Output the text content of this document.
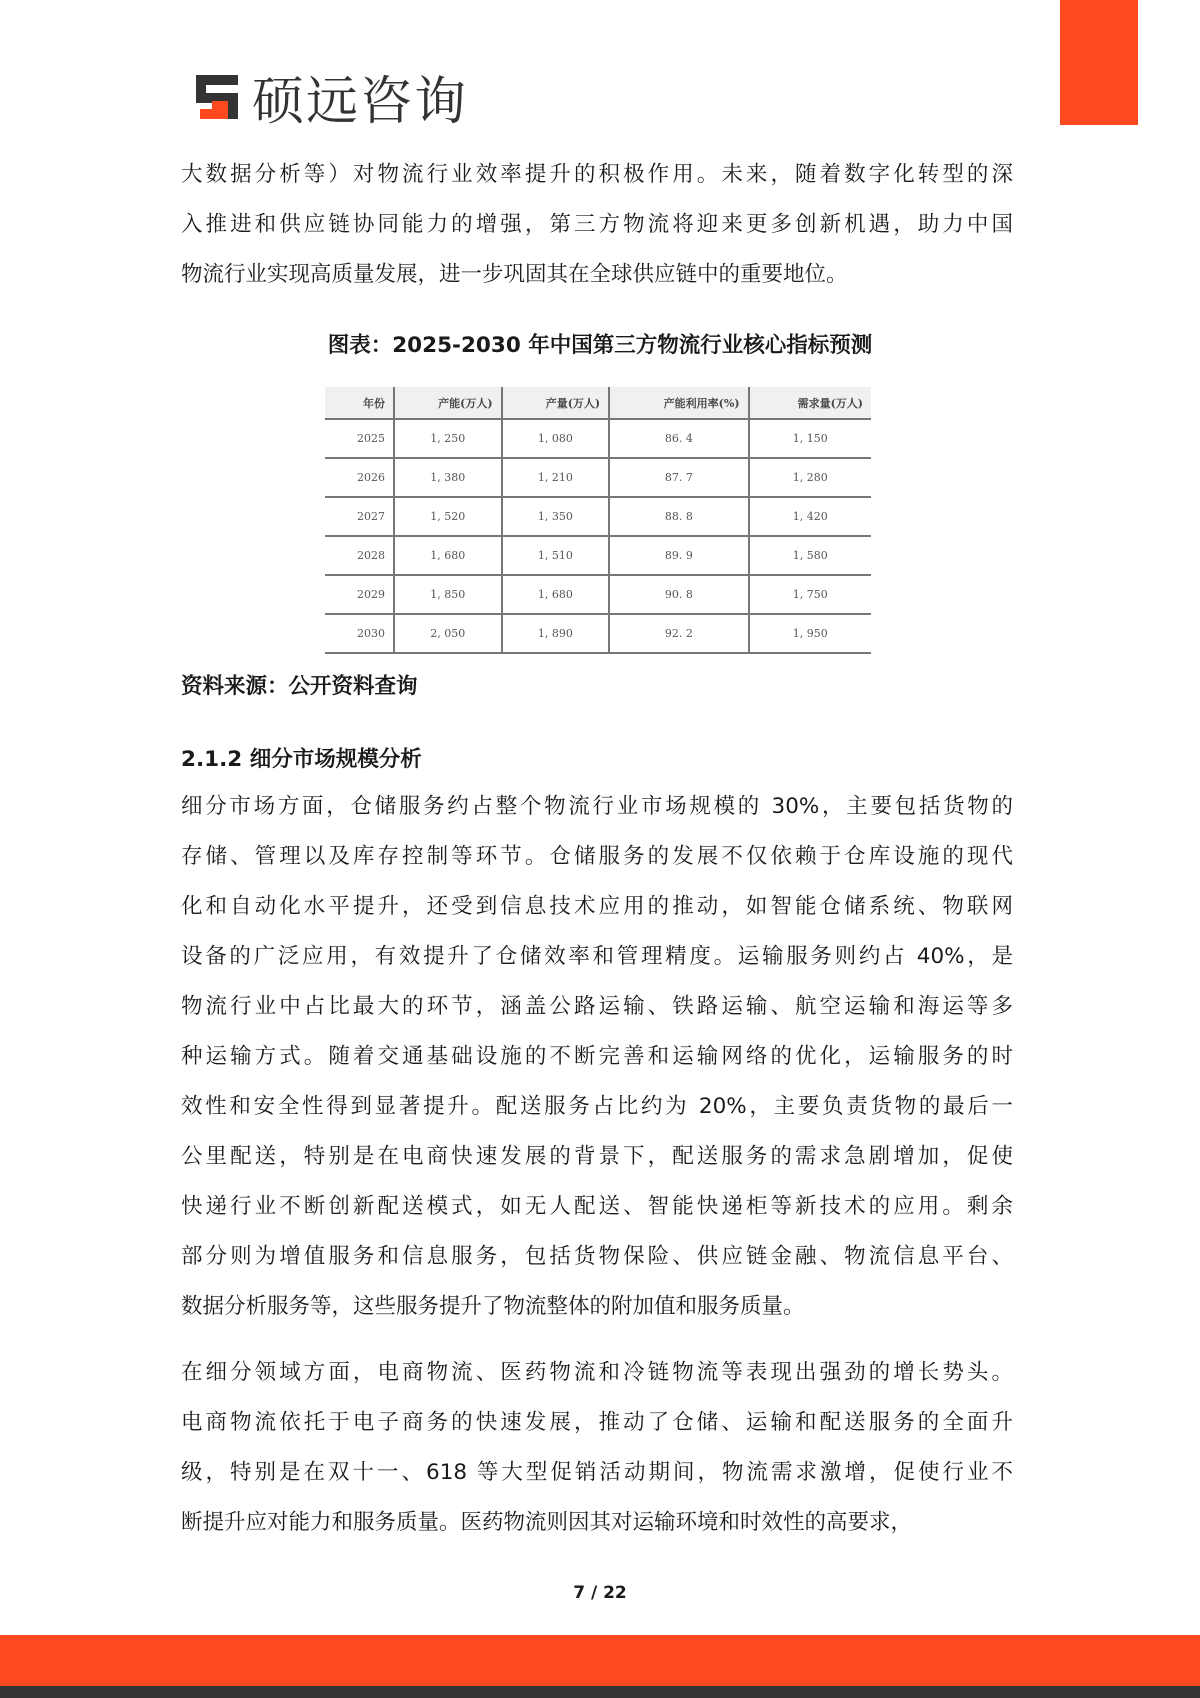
硕远咨询
大数据分析等）对物流行业效率提升的积极作用。未来，随着数字化转型的深
入推进和供应链协同能力的增强，第三方物流将迎来更多创新机遇，助力中国
物流行业实现高质量发展，进一步巩固其在全球供应链中的重要地位。
图表：2025-2030 年中国第三方物流行业核心指标预测
年份	产能(万人)	产量(万人)	产能利用率(%)	需求量(万人)
2025	1, 250	1, 080	86. 4	1, 150
2026	1, 380	1, 210	87. 7	1, 280
2027	1, 520	1, 350	88. 8	1, 420
2028	1, 680	1, 510	89. 9	1, 580
2029	1, 850	1, 680	90. 8	1, 750
2030	2, 050	1, 890	92. 2	1, 950
资料来源：公开资料查询
2.1.2 细分市场规模分析
细分市场方面，仓储服务约占整个物流行业市场规模的 30%，主要包括货物的
存储、管理以及库存控制等环节。仓储服务的发展不仅依赖于仓库设施的现代
化和自动化水平提升，还受到信息技术应用的推动，如智能仓储系统、物联网
设备的广泛应用，有效提升了仓储效率和管理精度。运输服务则约占 40%，是
物流行业中占比最大的环节，涵盖公路运输、铁路运输、航空运输和海运等多
种运输方式。随着交通基础设施的不断完善和运输网络的优化，运输服务的时
效性和安全性得到显著提升。配送服务占比约为 20%，主要负责货物的最后一
公里配送，特别是在电商快速发展的背景下，配送服务的需求急剧增加，促使
快递行业不断创新配送模式，如无人配送、智能快递柜等新技术的应用。剩余
部分则为增值服务和信息服务，包括货物保险、供应链金融、物流信息平台、
数据分析服务等，这些服务提升了物流整体的附加值和服务质量。
在细分领域方面，电商物流、医药物流和冷链物流等表现出强劲的增长势头。
电商物流依托于电子商务的快速发展，推动了仓储、运输和配送服务的全面升
级，特别是在双十一、618 等大型促销活动期间，物流需求激增，促使行业不
断提升应对能力和服务质量。医药物流则因其对运输环境和时效性的高要求，
7 / 22
